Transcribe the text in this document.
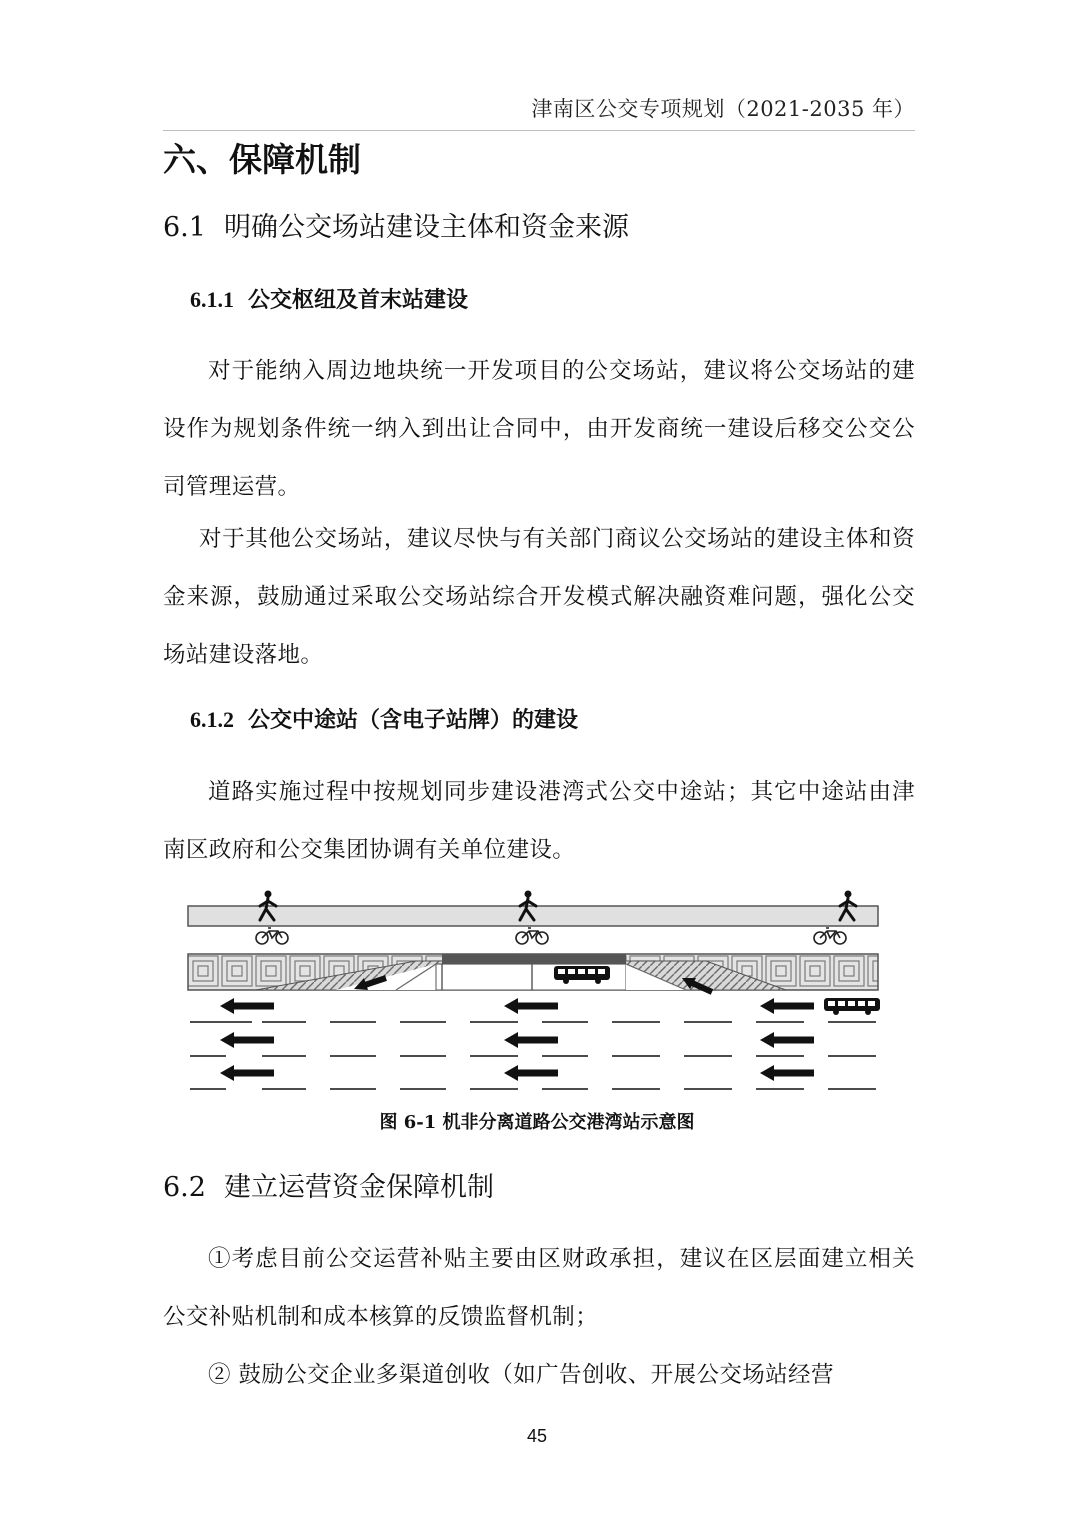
津南区公交专项规划（2021-2035 年）
六、保障机制
6.1 明确公交场站建设主体和资金来源
6.1.1 公交枢纽及首末站建设

对于能纳入周边地块统一开发项目的公交场站，建议将公交场站的建设作为规划条件统一纳入到出让合同中，由开发商统一建设后移交公交公司管理运营。

对于其他公交场站，建议尽快与有关部门商议公交场站的建设主体和资金来源，鼓励通过采取公交场站综合开发模式解决融资难问题，强化公交场站建设落地。

6.1.2 公交中途站（含电子站牌）的建设

道路实施过程中按规划同步建设港湾式公交中途站；其它中途站由津南区政府和公交集团协调有关单位建设。

图 6-1 机非分离道路公交港湾站示意图
6.2 建立运营资金保障机制

①考虑目前公交运营补贴主要由区财政承担，建议在区层面建立相关公交补贴机制和成本核算的反馈监督机制；

② 鼓励公交企业多渠道创收（如广告创收、开展公交场站经营

45
